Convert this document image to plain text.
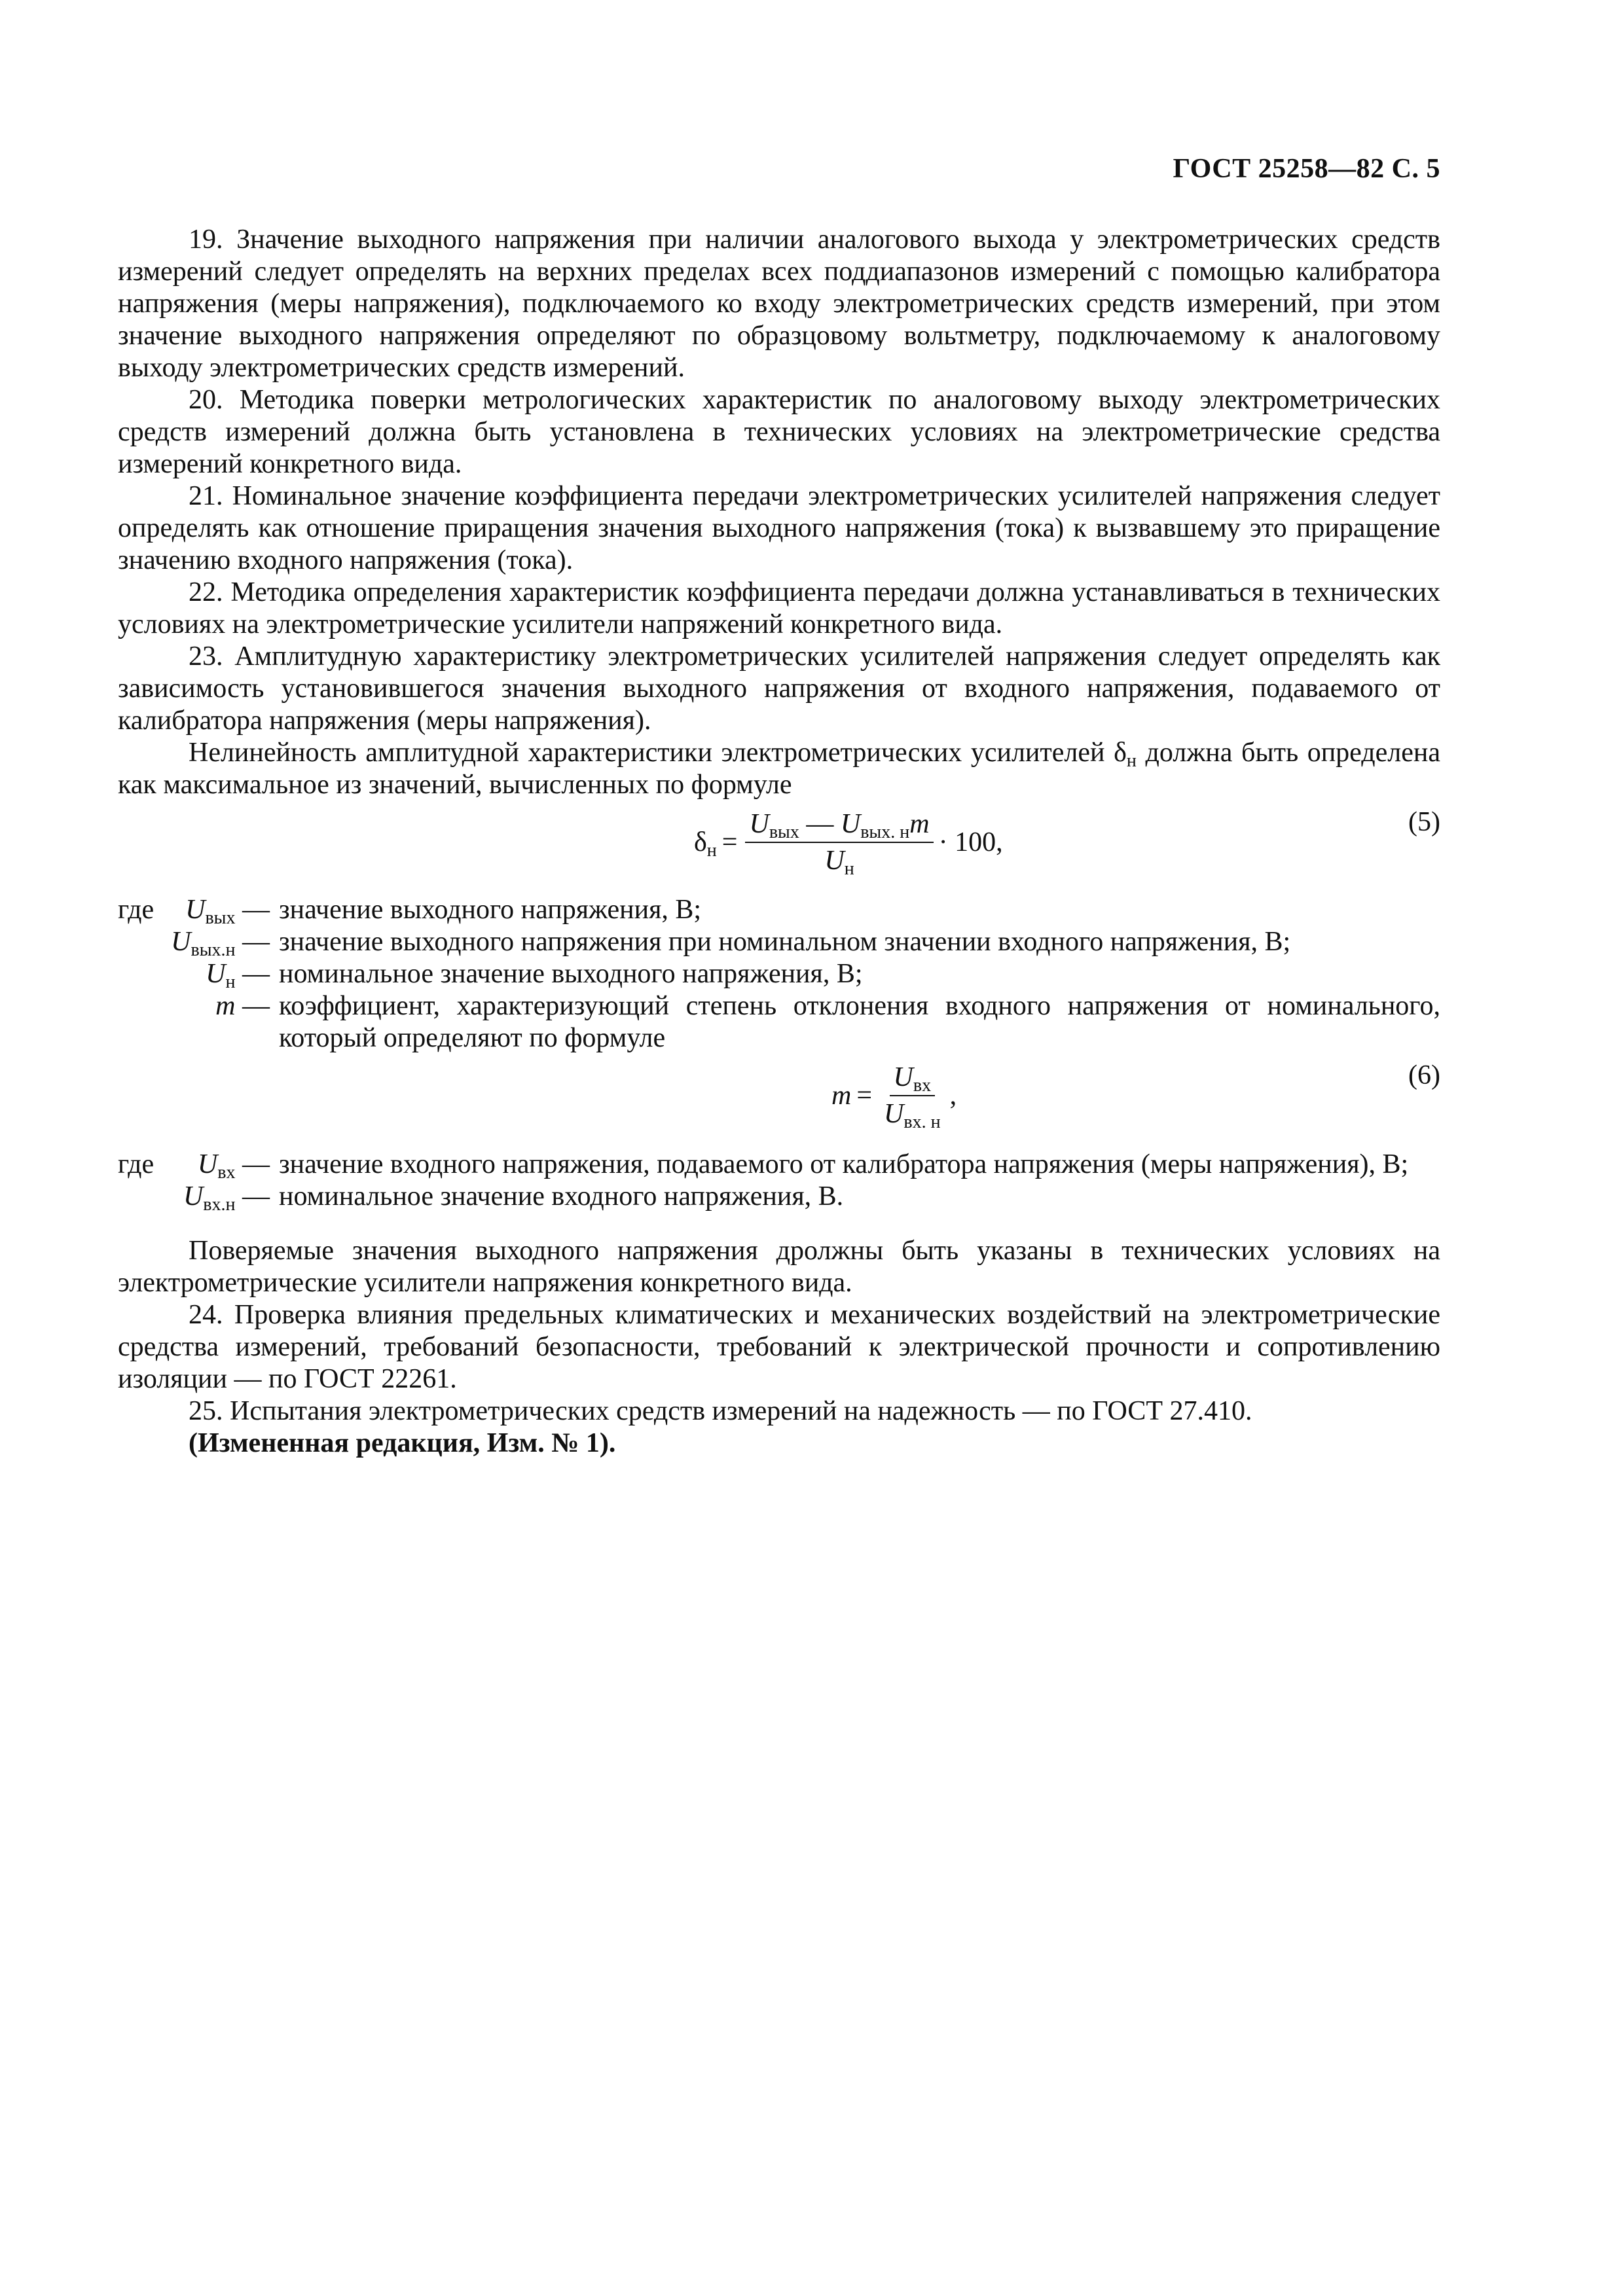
ГОСТ 25258—82 С. 5

19. Значение выходного напряжения при наличии аналогового выхода у электрометрических средств измерений следует определять на верхних пределах всех поддиапазонов измерений с помощью калибратора напряжения (меры напряжения), подключаемого ко входу электрометрических средств измерений, при этом значение выходного напряжения определяют по образцовому вольтметру, подключаемому к аналоговому выходу электрометрических средств измерений.

20. Методика поверки метрологических характеристик по аналоговому выходу электрометрических средств измерений должна быть установлена в технических условиях на электрометрические средства измерений конкретного вида.

21. Номинальное значение коэффициента передачи электрометрических усилителей напряжения следует определять как отношение приращения значения выходного напряжения (тока) к вызвавшему это приращение значению входного напряжения (тока).

22. Методика определения характеристик коэффициента передачи должна устанавливаться в технических условиях на электрометрические усилители напряжений конкретного вида.

23. Амплитудную характеристику электрометрических усилителей напряжения следует определять как зависимость установившегося значения выходного напряжения от входного напряжения, подаваемого от калибратора напряжения (меры напряжения).

Нелинейность амплитудной характеристики электрометрических усилителей $\delta_н$ должна быть определена как максимальное из значений, вычисленных по формуле

$\delta_н = \frac{U_{вых} — U_{вых. н}m}{U_н} \cdot 100$,
(5)
где $U_{вых}$ —	значение выходного напряжения, В;
$U_{вых.н}$ —	значение выходного напряжения при номинальном значении входного напряжения, В;
$U_н$ —	номинальное значение выходного напряжения, В;
m —	коэффициент, характеризующий степень отклонения входного напряжения от номинального, который определяют по формуле
$m = \frac{U_{вх}}{U_{вх. н}}$ ,
(6)
где $U_{вх}$ —	значение входного напряжения, подаваемого от калибратора напряжения (меры напряжения), В;
$U_{вх.н}$ —	номинальное значение входного напряжения, В.

Поверяемые значения выходного напряжения дролжны быть указаны в технических условиях на электрометрические усилители напряжения конкретного вида.

24. Проверка влияния предельных климатических и механических воздействий на электрометрические средства измерений, требований безопасности, требований к электрической прочности и сопротивлению изоляции — по ГОСТ 22261.

25. Испытания электрометрических средств измерений на надежность — по ГОСТ 27.410.

(Измененная редакция, Изм. № 1).
